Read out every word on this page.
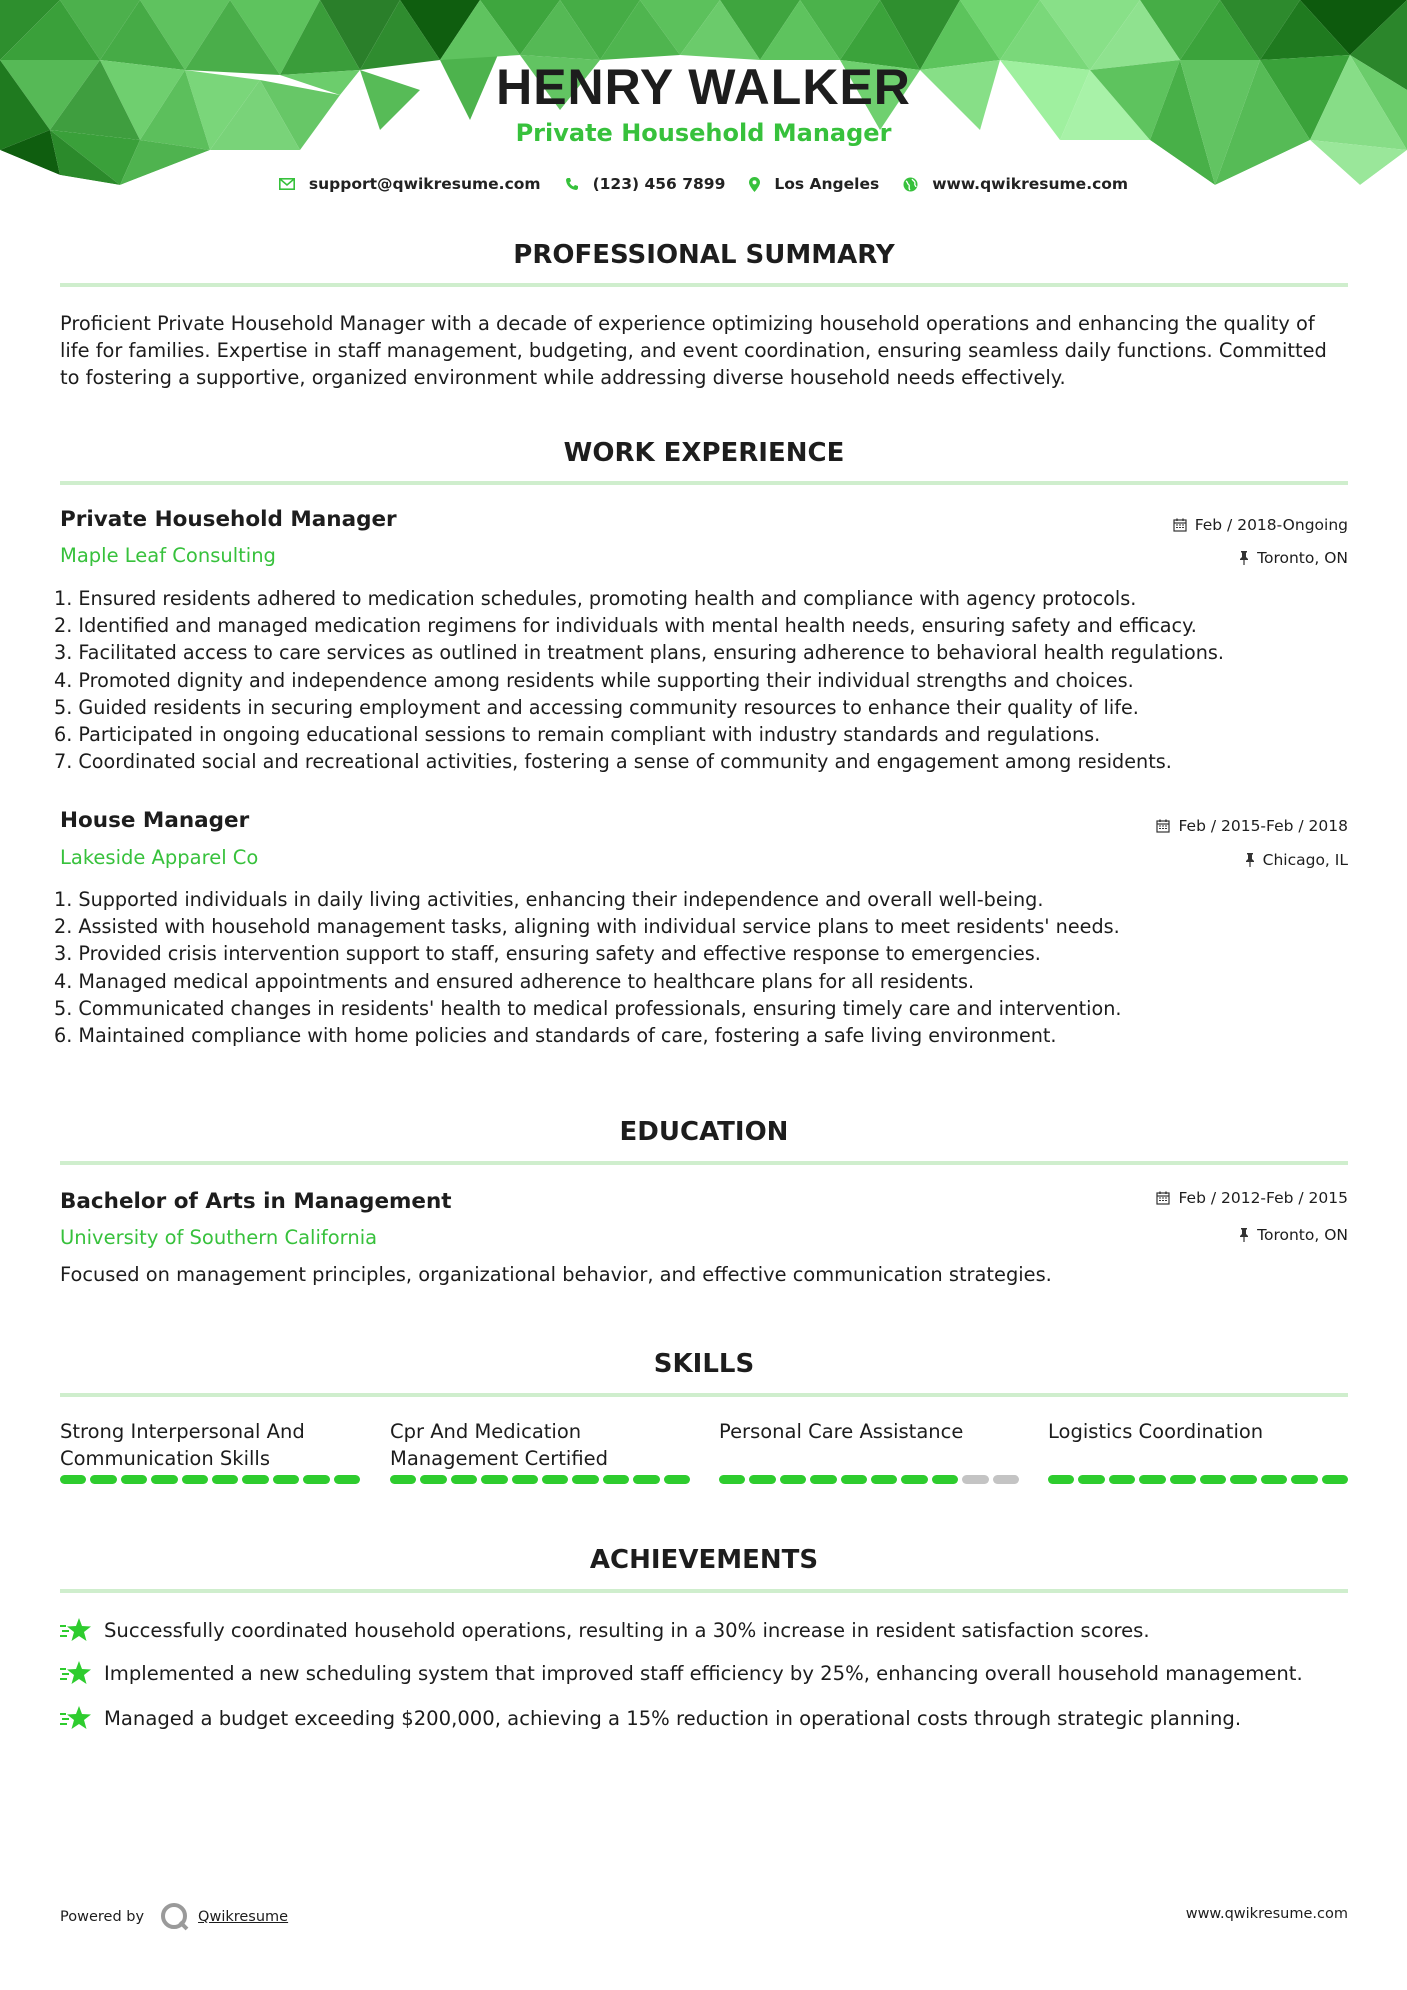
HENRY WALKER
Private Household Manager
support@qwikresume.com	(123) 456 7899	Los Angeles	www.qwikresume.com
PROFESSIONAL SUMMARY
Proficient Private Household Manager with a decade of experience optimizing household operations and enhancing the quality of life for families. Expertise in staff management, budgeting, and event coordination, ensuring seamless daily functions. Committed to fostering a supportive, organized environment while addressing diverse household needs effectively.
WORK EXPERIENCE
Private Household Manager
Maple Leaf Consulting
Feb / 2018-Ongoing
Toronto, ON
1. Ensured residents adhered to medication schedules, promoting health and compliance with agency protocols.
2. Identified and managed medication regimens for individuals with mental health needs, ensuring safety and efficacy.
3. Facilitated access to care services as outlined in treatment plans, ensuring adherence to behavioral health regulations.
4. Promoted dignity and independence among residents while supporting their individual strengths and choices.
5. Guided residents in securing employment and accessing community resources to enhance their quality of life.
6. Participated in ongoing educational sessions to remain compliant with industry standards and regulations.
7. Coordinated social and recreational activities, fostering a sense of community and engagement among residents.
House Manager
Lakeside Apparel Co
Feb / 2015-Feb / 2018
Chicago, IL
1. Supported individuals in daily living activities, enhancing their independence and overall well-being.
2. Assisted with household management tasks, aligning with individual service plans to meet residents' needs.
3. Provided crisis intervention support to staff, ensuring safety and effective response to emergencies.
4. Managed medical appointments and ensured adherence to healthcare plans for all residents.
5. Communicated changes in residents' health to medical professionals, ensuring timely care and intervention.
6. Maintained compliance with home policies and standards of care, fostering a safe living environment.
EDUCATION
Bachelor of Arts in Management
University of Southern California
Feb / 2012-Feb / 2015
Toronto, ON
Focused on management principles, organizational behavior, and effective communication strategies.
SKILLS
Strong Interpersonal And Communication Skills
Cpr And Medication Management Certified
Personal Care Assistance	Logistics Coordination
ACHIEVEMENTS
Successfully coordinated household operations, resulting in a 30% increase in resident satisfaction scores.
Implemented a new scheduling system that improved staff efficiency by 25%, enhancing overall household management.
Managed a budget exceeding $200,000, achieving a 15% reduction in operational costs through strategic planning.
Powered by	Qwikresume	www.qwikresume.com
